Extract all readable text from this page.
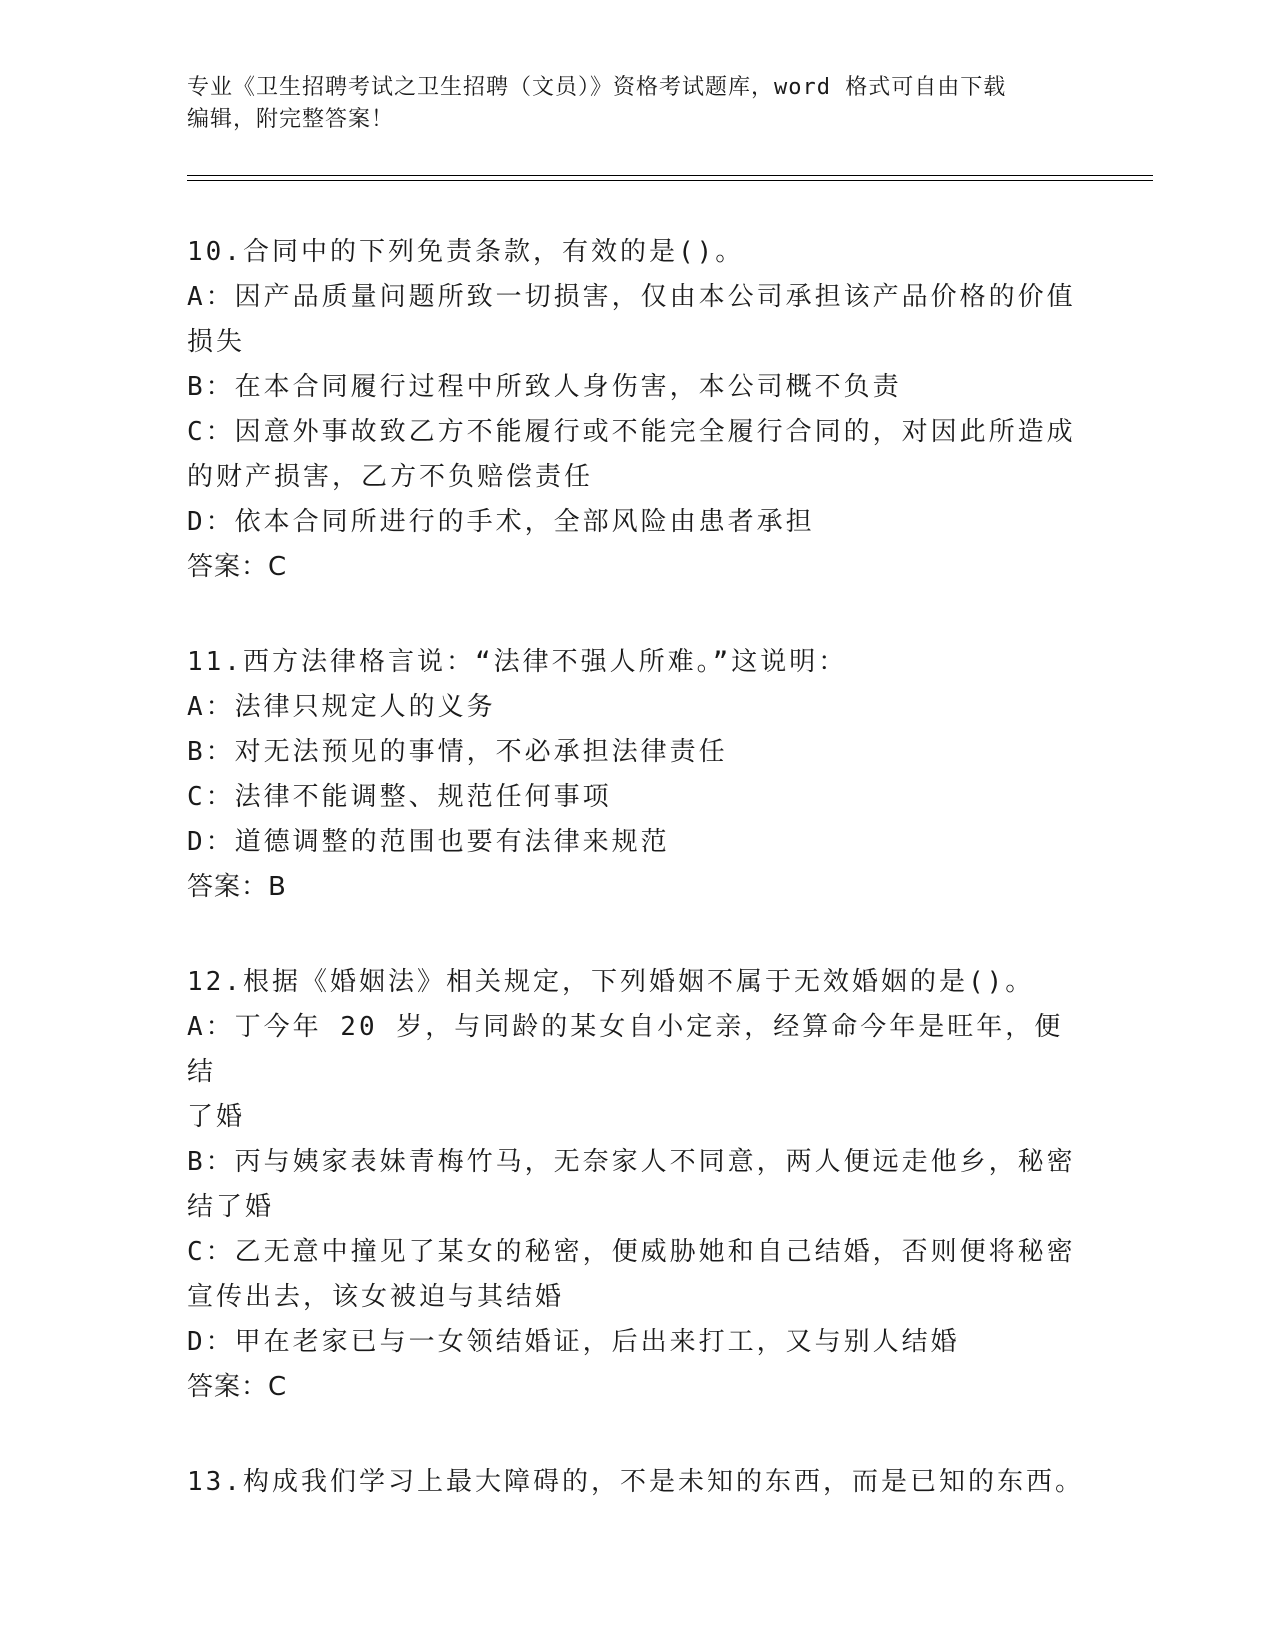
专业《卫生招聘考试之卫生招聘（文员）》资格考试题库，word 格式可自由下载
编辑，附完整答案！

10.合同中的下列免责条款，有效的是()。

A：因产品质量问题所致一切损害，仅由本公司承担该产品价格的价值

损失

B：在本合同履行过程中所致人身伤害，本公司概不负责

C：因意外事故致乙方不能履行或不能完全履行合同的，对因此所造成

的财产损害，乙方不负赔偿责任

D：依本合同所进行的手术，全部风险由患者承担

答案：C

11.西方法律格言说：“法律不强人所难。”这说明：

A：法律只规定人的义务

B：对无法预见的事情，不必承担法律责任

C：法律不能调整、规范任何事项

D：道德调整的范围也要有法律来规范

答案：B

12.根据《婚姻法》相关规定，下列婚姻不属于无效婚姻的是()。

A：丁今年 20 岁，与同龄的某女自小定亲，经算命今年是旺年，便结

了婚

B：丙与姨家表妹青梅竹马，无奈家人不同意，两人便远走他乡，秘密

结了婚

C：乙无意中撞见了某女的秘密，便威胁她和自己结婚，否则便将秘密

宣传出去，该女被迫与其结婚

D：甲在老家已与一女领结婚证，后出来打工，又与别人结婚

答案：C

13.构成我们学习上最大障碍的，不是未知的东西，而是已知的东西。
